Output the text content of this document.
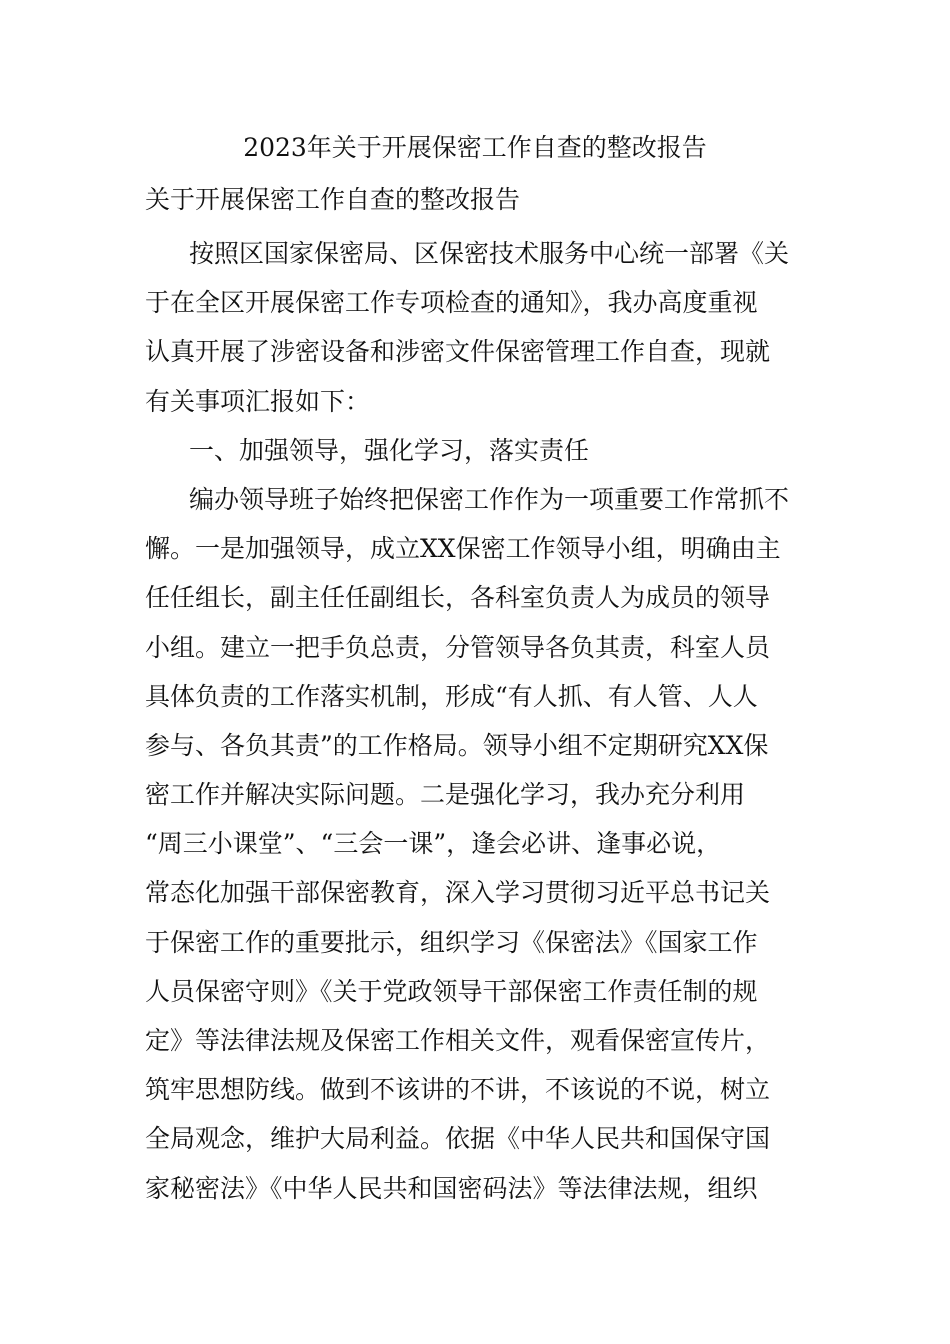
2023年关于开展保密工作自查的整改报告
关于开展保密工作自查的整改报告
按照区国家保密局、区保密技术服务中心统一部署《关
于在全区开展保密工作专项检查的通知》，我办高度重视
认真开展了涉密设备和涉密文件保密管理工作自查，现就
有关事项汇报如下：
一、加强领导，强化学习，落实责任
编办领导班子始终把保密工作作为一项重要工作常抓不
懈。一是加强领导，成立XX保密工作领导小组，明确由主
任任组长，副主任任副组长，各科室负责人为成员的领导
小组。建立一把手负总责，分管领导各负其责，科室人员
具体负责的工作落实机制，形成“有人抓、有人管、人人
参与、各负其责”的工作格局。领导小组不定期研究XX保
密工作并解决实际问题。二是强化学习，我办充分利用
“周三小课堂”、“三会一课”，逢会必讲、逢事必说，
常态化加强干部保密教育，深入学习贯彻习近平总书记关
于保密工作的重要批示，组织学习《保密法》《国家工作
人员保密守则》《关于党政领导干部保密工作责任制的规
定》等法律法规及保密工作相关文件，观看保密宣传片，
筑牢思想防线。做到不该讲的不讲，不该说的不说，树立
全局观念，维护大局利益。依据《中华人民共和国保守国
家秘密法》《中华人民共和国密码法》等法律法规，组织
